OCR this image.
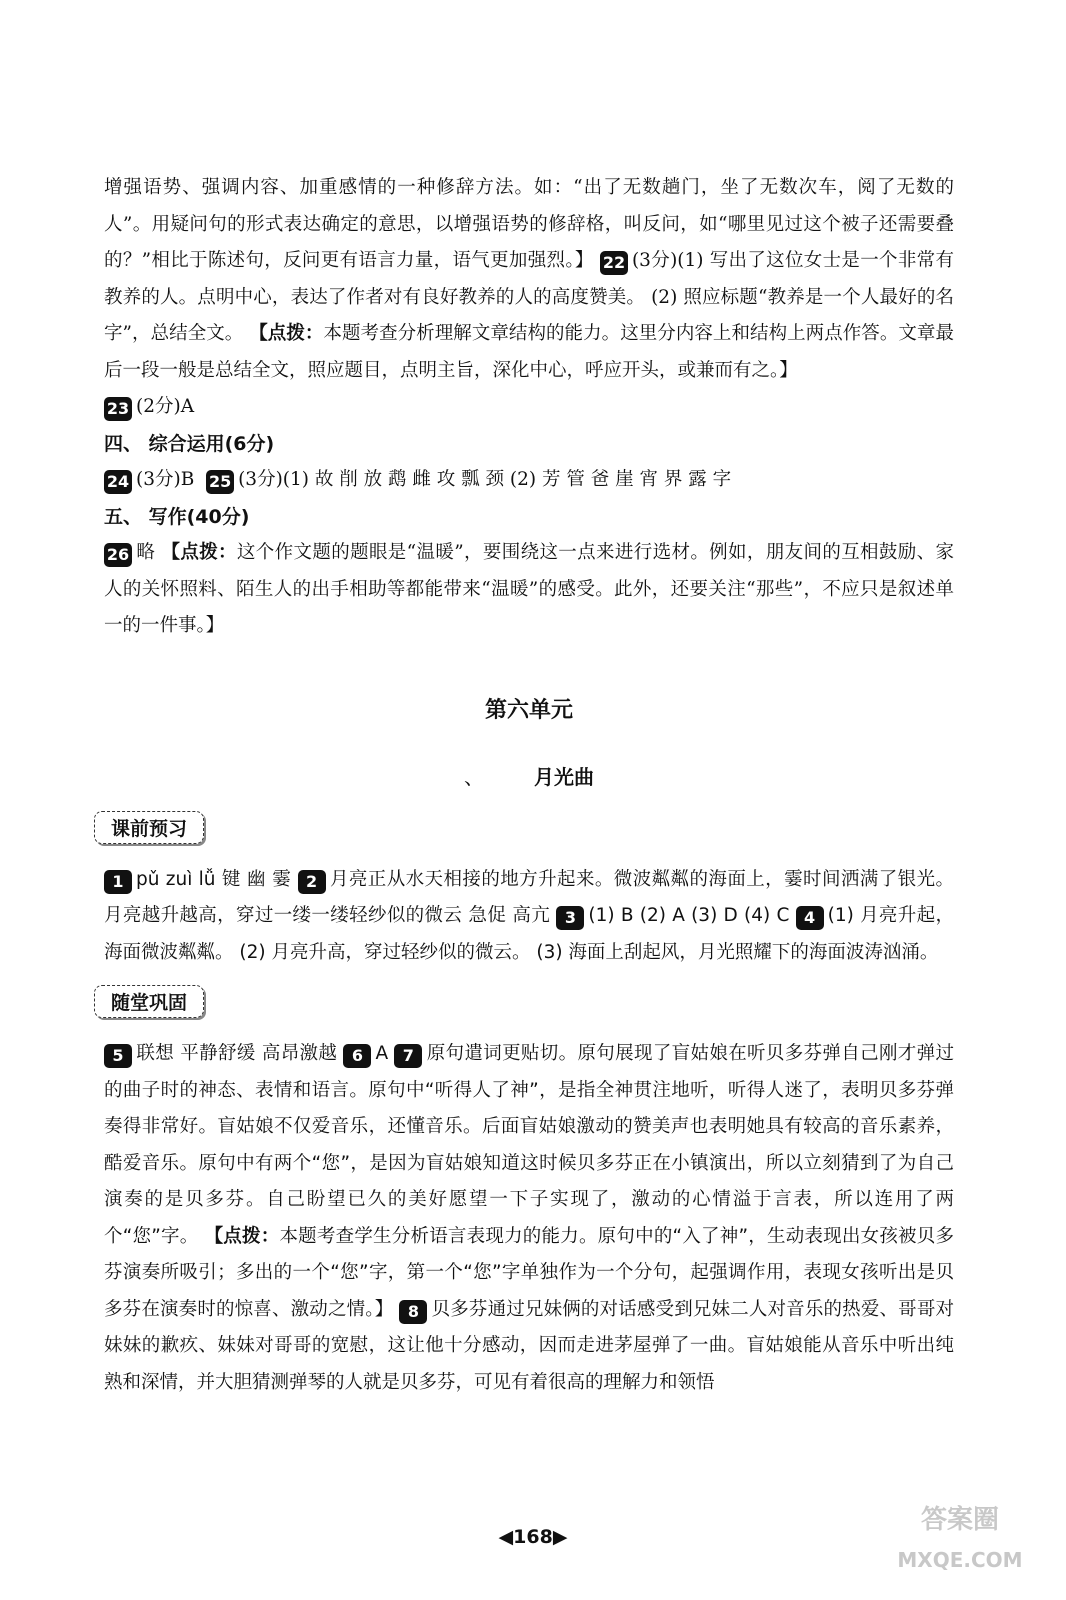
增强语势、强调内容、加重感情的一种修辞方法。如：“出了无数趟门，坐了无数次车，阅了无数的人”。用疑问句的形式表达确定的意思，以增强语势的修辞格，叫反问，如“哪里见过这个被子还需要叠的？”相比于陈述句，反问更有语言力量，语气更加强烈。】 22 (3分)(1) 写出了这位女士是一个非常有教养的人。点明中心，表达了作者对有良好教养的人的高度赞美。 (2) 照应标题“教养是一个人最好的名字”，总结全文。 【点拨：本题考查分析理解文章结构的能力。这里分内容上和结构上两点作答。文章最后一段一般是总结全文，照应题目，点明主旨，深化中心，呼应开头，或兼而有之。】

23 (2分)A

四、 综合运用(6分)

24 (3分)B 25 (3分)(1) 故 削 放 鹉 雌 攻 瓢 颈 (2) 芳 管 爸 崖 宵 界 露 字

五、 写作(40分)

26 略 【点拨：这个作文题的题眼是“温暖”，要围绕这一点来进行选材。例如，朋友间的互相鼓励、家人的关怀照料、陌生人的出手相助等都能带来“温暖”的感受。此外，还要关注“那些”，不应只是叙述单一的一件事。】

第六单元
、	月光曲
课前预习

1 pǔ zuì lǚ 键 幽 霎 2 月亮正从水天相接的地方升起来。微波粼粼的海面上，霎时间洒满了银光。月亮越升越高，穿过一缕一缕轻纱似的微云 急促 高亢 3 (1) B (2) A (3) D (4) C 4 (1) 月亮升起，海面微波粼粼。 (2) 月亮升高，穿过轻纱似的微云。 (3) 海面上刮起风，月光照耀下的海面波涛汹涌。

随堂巩固

5 联想 平静舒缓 高昂激越 6 A 7 原句遣词更贴切。原句展现了盲姑娘在听贝多芬弹自己刚才弹过的曲子时的神态、表情和语言。原句中“听得人了神”，是指全神贯注地听，听得人迷了，表明贝多芬弹奏得非常好。盲姑娘不仅爱音乐，还懂音乐。后面盲姑娘激动的赞美声也表明她具有较高的音乐素养，酷爱音乐。原句中有两个“您”，是因为盲姑娘知道这时候贝多芬正在小镇演出，所以立刻猜到了为自己演奏的是贝多芬。自己盼望已久的美好愿望一下子实现了，激动的心情溢于言表，所以连用了两个“您”字。 【点拨：本题考查学生分析语言表现力的能力。原句中的“入了神”，生动表现出女孩被贝多芬演奏所吸引；多出的一个“您”字，第一个“您”字单独作为一个分句，起强调作用，表现女孩听出是贝多芬在演奏时的惊喜、激动之情。】 8 贝多芬通过兄妹俩的对话感受到兄妹二人对音乐的热爱、哥哥对妹妹的歉疚、妹妹对哥哥的宽慰，这让他十分感动，因而走进茅屋弹了一曲。盲姑娘能从音乐中听出纯熟和深情，并大胆猜测弹琴的人就是贝多芬，可见有着很高的理解力和领悟

◀168▶
答案圈
MXQE.COM
